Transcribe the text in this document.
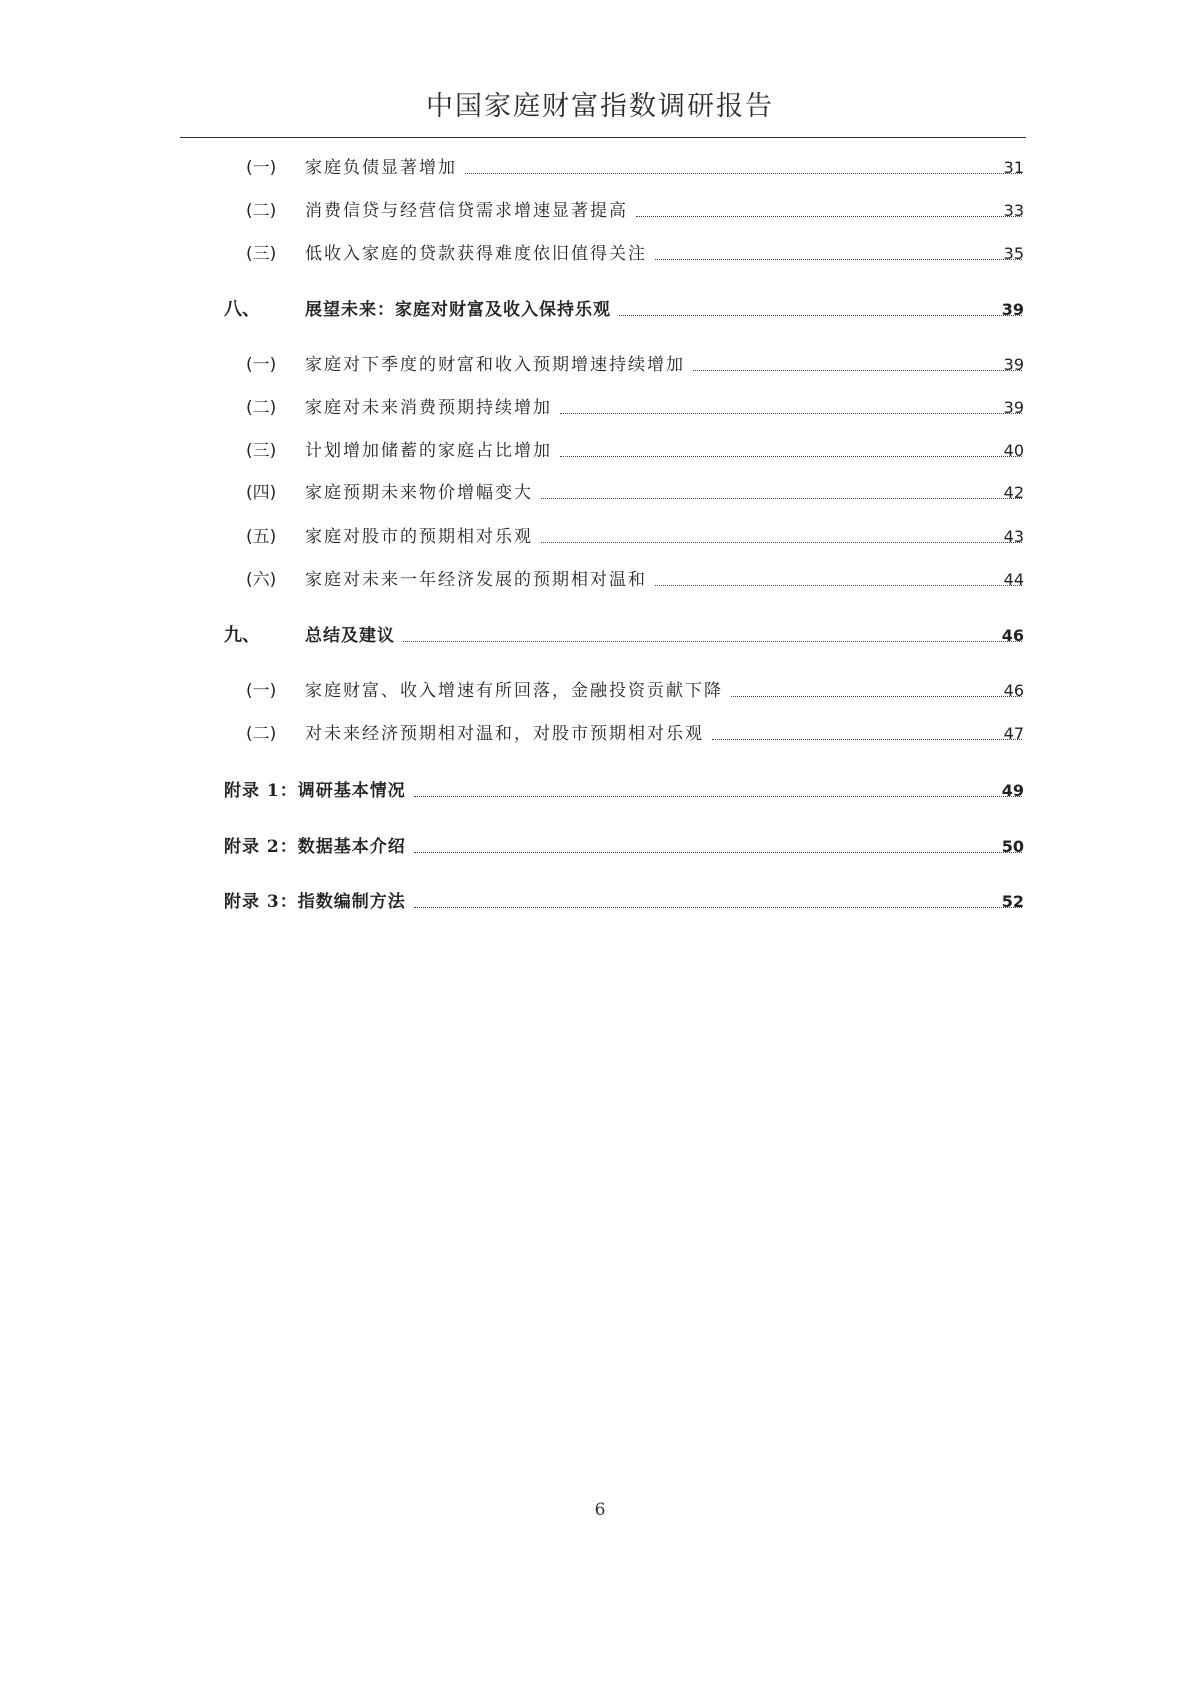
中国家庭财富指数调研报告
(一) 家庭负债显著增加	31
(二) 消费信贷与经营信贷需求增速显著提高	33
(三) 低收入家庭的贷款获得难度依旧值得关注	35
八、	展望未来：家庭对财富及收入保持乐观	39
(一) 家庭对下季度的财富和收入预期增速持续增加	39
(二) 家庭对未来消费预期持续增加	39
(三) 计划增加储蓄的家庭占比增加	40
(四) 家庭预期未来物价增幅变大	42
(五) 家庭对股市的预期相对乐观	43
(六) 家庭对未来一年经济发展的预期相对温和	44
九、	总结及建议	46
(一) 家庭财富、收入增速有所回落，金融投资贡献下降	46
(二) 对未来经济预期相对温和，对股市预期相对乐观	47
附录 1：调研基本情况	49
附录 2：数据基本介绍	50
附录 3：指数编制方法	52
6
